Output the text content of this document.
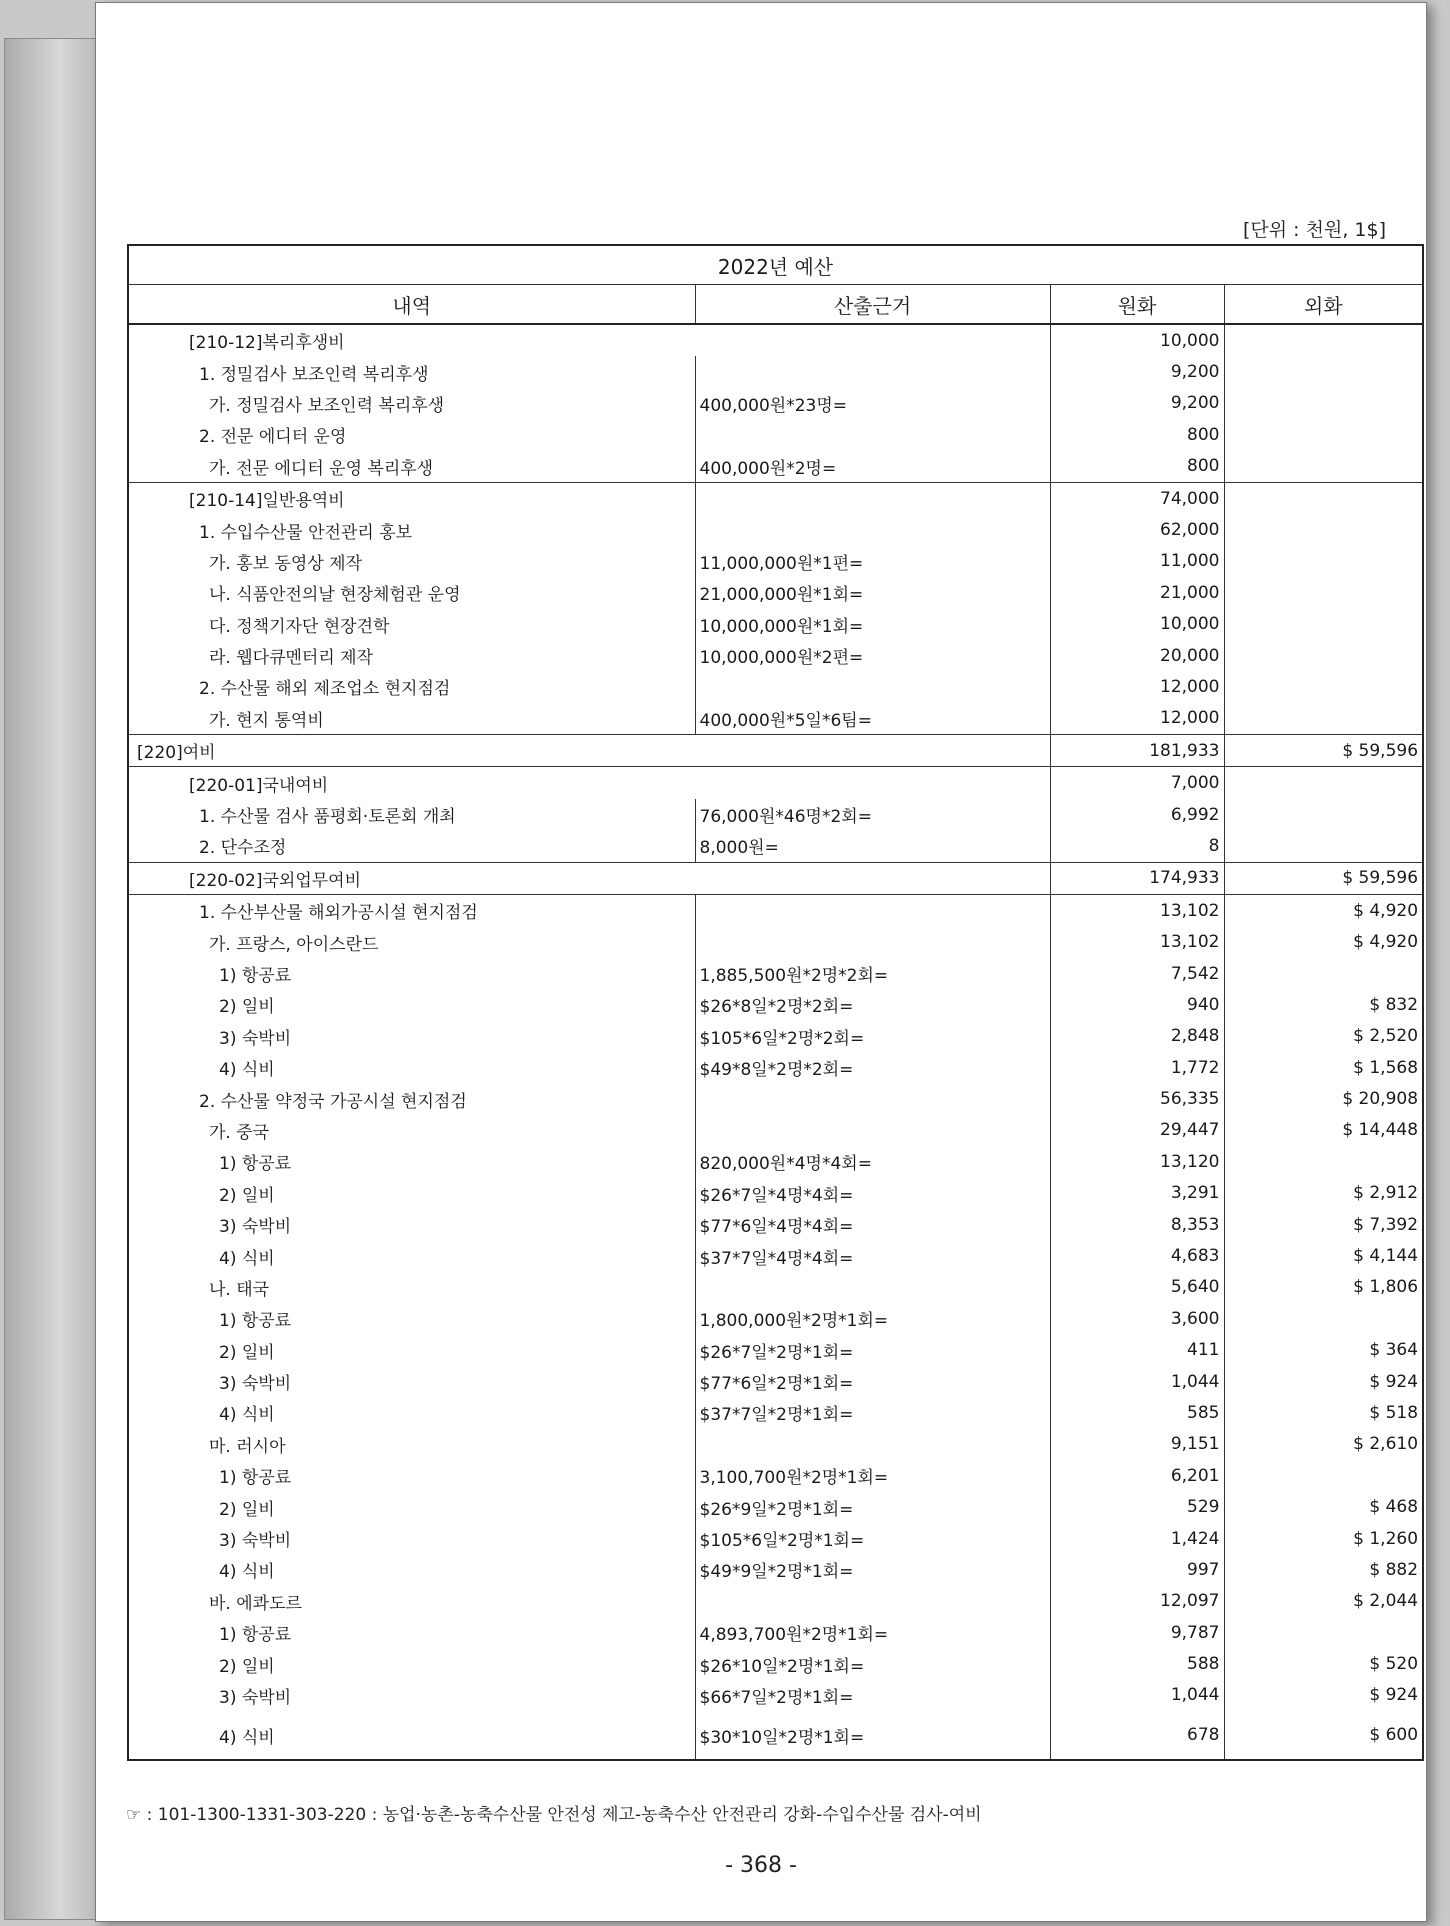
[단위 : 천원, 1$]
2022년 예산			
내역	산출근거	원화	외화
[210-12]복리후생비		10,000	
1. 정밀검사 보조인력 복리후생		9,200	
가. 정밀검사 보조인력 복리후생	400,000원*23명=	9,200	
2. 전문 에디터 운영		800	
가. 전문 에디터 운영 복리후생	400,000원*2명=	800	
[210-14]일반용역비		74,000	
1. 수입수산물 안전관리 홍보		62,000	
가. 홍보 동영상 제작	11,000,000원*1편=	11,000	
나. 식품안전의날 현장체험관 운영	21,000,000원*1회=	21,000	
다. 정책기자단 현장견학	10,000,000원*1회=	10,000	
라. 웹다큐멘터리 제작	10,000,000원*2편=	20,000	
2. 수산물 해외 제조업소 현지점검		12,000	
가. 현지 통역비	400,000원*5일*6팀=	12,000	
[220]여비		181,933	$ 59,596
[220-01]국내여비		7,000	
1. 수산물 검사 품평회·토론회 개최	76,000원*46명*2회=	6,992	
2. 단수조정	8,000원=	8	
[220-02]국외업무여비		174,933	$ 59,596
1. 수산부산물 해외가공시설 현지점검		13,102	$ 4,920
가. 프랑스, 아이스란드		13,102	$ 4,920
1) 항공료	1,885,500원*2명*2회=	7,542	
2) 일비	$26*8일*2명*2회=	940	$ 832
3) 숙박비	$105*6일*2명*2회=	2,848	$ 2,520
4) 식비	$49*8일*2명*2회=	1,772	$ 1,568
2. 수산물 약정국 가공시설 현지점검		56,335	$ 20,908
가. 중국		29,447	$ 14,448
1) 항공료	820,000원*4명*4회=	13,120	
2) 일비	$26*7일*4명*4회=	3,291	$ 2,912
3) 숙박비	$77*6일*4명*4회=	8,353	$ 7,392
4) 식비	$37*7일*4명*4회=	4,683	$ 4,144
나. 태국		5,640	$ 1,806
1) 항공료	1,800,000원*2명*1회=	3,600	
2) 일비	$26*7일*2명*1회=	411	$ 364
3) 숙박비	$77*6일*2명*1회=	1,044	$ 924
4) 식비	$37*7일*2명*1회=	585	$ 518
마. 러시아		9,151	$ 2,610
1) 항공료	3,100,700원*2명*1회=	6,201	
2) 일비	$26*9일*2명*1회=	529	$ 468
3) 숙박비	$105*6일*2명*1회=	1,424	$ 1,260
4) 식비	$49*9일*2명*1회=	997	$ 882
바. 에콰도르		12,097	$ 2,044
1) 항공료	4,893,700원*2명*1회=	9,787	
2) 일비	$26*10일*2명*1회=	588	$ 520
3) 숙박비	$66*7일*2명*1회=	1,044	$ 924
4) 식비	$30*10일*2명*1회=	678	$ 600
☞ : 101-1300-1331-303-220 : 농업·농촌-농축수산물 안전성 제고-농축수산 안전관리 강화-수입수산물 검사-여비
- 368 -
